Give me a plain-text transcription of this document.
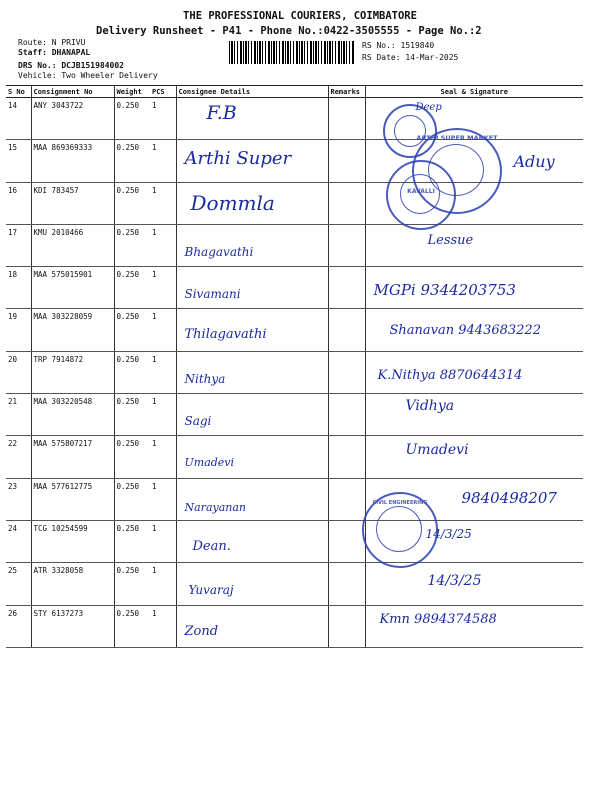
THE PROFESSIONAL COURIERS, COIMBATORE
Delivery Runsheet - P41 - Phone No.:0422-3505555 - Page No.:2
Route: N PRIVU
Staff: DHANAPAL
DRS No.: DCJB151984002
Vehicle: Two Wheeler Delivery
RS No.: 1519840
RS Date: 14-Mar-2025
S No	Consignment No	Weight	PCS	Consignee Details	Remarks	Seal & Signature
14	ANY 3043722	0.250	1	F.B		Deep

15	MAA 869369333	0.250	1	Arthi Super		Aduy

16	KDI 783457	0.250	1	Dommla		

17	KMU 2010466	0.250	1	Bhagavathi		Lessue

18	MAA 575015901	0.250	1	Sivamani		MGPi 9344203753

19	MAA 303228059	0.250	1	Thilagavathi		Shanavan 9443683222

20	TRP 7914872	0.250	1	Nithya		K.Nithya 8870644314

21	MAA 303220548	0.250	1	Sagi		Vidhya

22	MAA 575807217	0.250	1	Umadevi		Umadevi

23	MAA 577612775	0.250	1	Narayanan		9840498207

24	TCG 10254599	0.250	1	Dean.		14/3/25

25	ATR 3328058	0.250	1	Yuvaraj		14/3/25

26	STY 6137273	0.250	1	Zond		Kmn 9894374588
ARTHI SUPER MARKET
KAVALLI
CIVIL ENGINEERING
